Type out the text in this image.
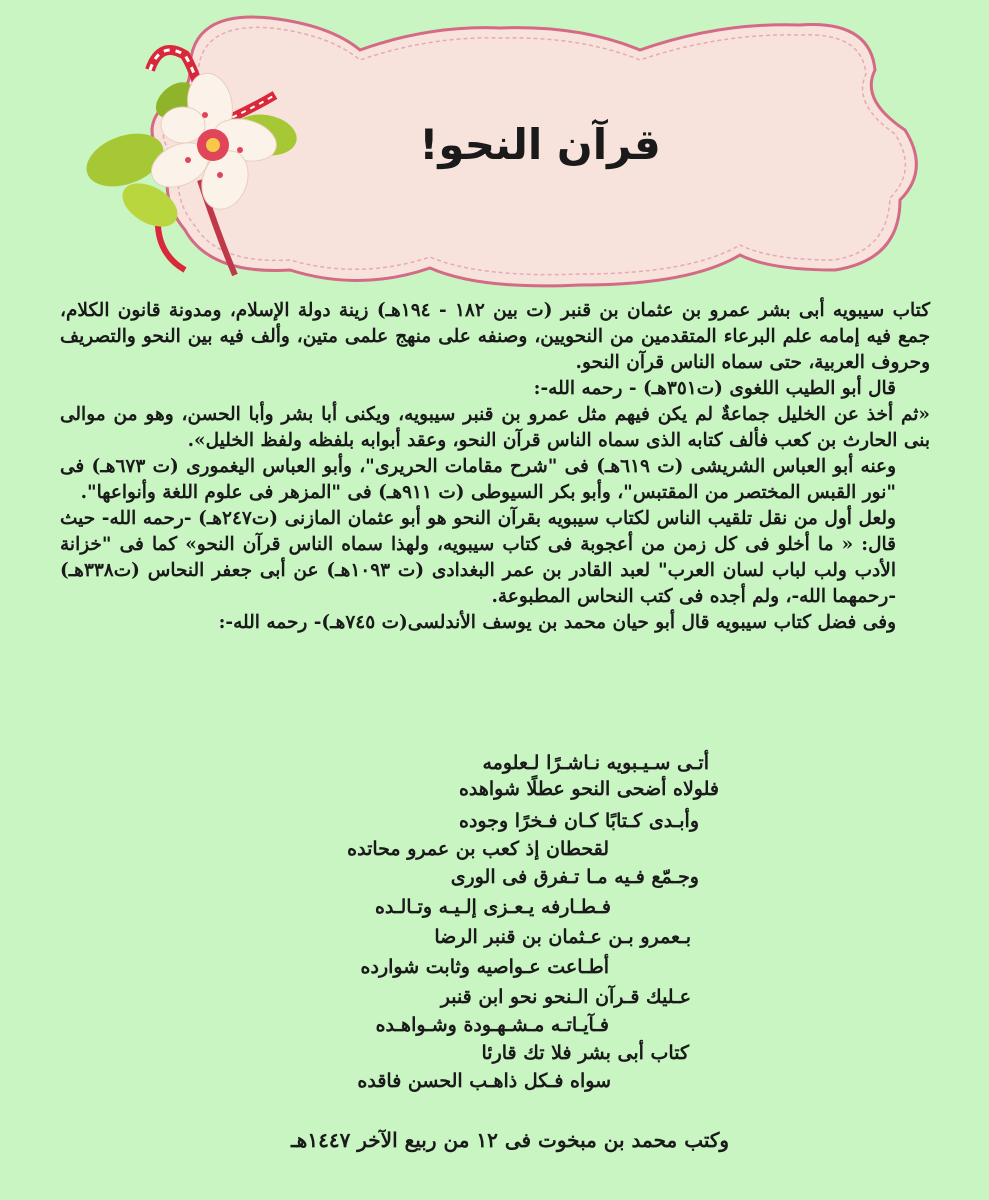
قرآن النحو!

كتاب سيبويه أبى بشر عمرو بن عثمان بن قنبر (ت بين ١٨٢ - ١٩٤هـ) زينة دولة الإسلام، ومدونة قانون الكلام، جمع فيه إمامه علم البرعاء المتقدمين من النحويين، وصنفه على منهج علمى متين، وألف فيه بين النحو والتصريف وحروف العربية، حتى سماه الناس قرآن النحو.

قال أبو الطيب اللغوى (ت٣٥١هـ) - رحمه الله-:

«ثم أخذ عن الخليل جماعةٌ لم يكن فيهم مثل عمرو بن قنبر سيبويه، ويكنى أبا بشر وأبا الحسن، وهو من موالى بنى الحارث بن كعب فألف كتابه الذى سماه الناس قرآن النحو، وعقد أبوابه بلفظه ولفظ الخليل».

وعنه أبو العباس الشريشى (ت ٦١٩هـ) فى "شرح مقامات الحريرى"، وأبو العباس اليغمورى (ت ٦٧٣هـ) فى "نور القبس المختصر من المقتبس"، وأبو بكر السيوطى (ت ٩١١هـ) فى "المزهر فى علوم اللغة وأنواعها".

ولعل أول من نقل تلقيب الناس لكتاب سيبويه بقرآن النحو هو أبو عثمان المازنى (ت٢٤٧هـ) -رحمه الله- حيث قال: « ما أخلو فى كل زمن من أعجوبة فى كتاب سيبويه، ولهذا سماه الناس قرآن النحو» كما فى "خزانة الأدب ولب لباب لسان العرب" لعبد القادر بن عمر البغدادى (ت ١٠٩٣هـ) عن أبى جعفر النحاس (ت٣٣٨هـ) -رحمهما الله-، ولم أجده فى كتب النحاس المطبوعة.

وفى فضل كتاب سيبويه قال أبو حيان محمد بن يوسف الأندلسى(ت ٧٤٥هـ)- رحمه الله-:

أتـى سـيـبويه نـاشـرًا لـعلومه
فلولاه أضحى النحو عطلًا شواهده
وأبـدى كـتابًا كـان فـخرًا وجوده
لقحطان إذ كعب بن عمرو محاتده
وجـمّع فـيه مـا تـفرق فى الورى
فـطـارفه يـعـزى إلـيـه وتـالـده
بـعمرو بـن عـثمان بن قنبر الرضا
أطـاعت عـواصيه وثابت شوارده
عـليك قـرآن الـنحو نحو ابن قنبر
فـآيـاتـه مـشـهـودة وشـواهـده
كتاب أبى بشر فلا تك قارئا
سواه فـكل ذاهـب الحسن فاقده
وكتب محمد بن مبخوت فى ١٢ من ربيع الآخر ١٤٤٧هـ
